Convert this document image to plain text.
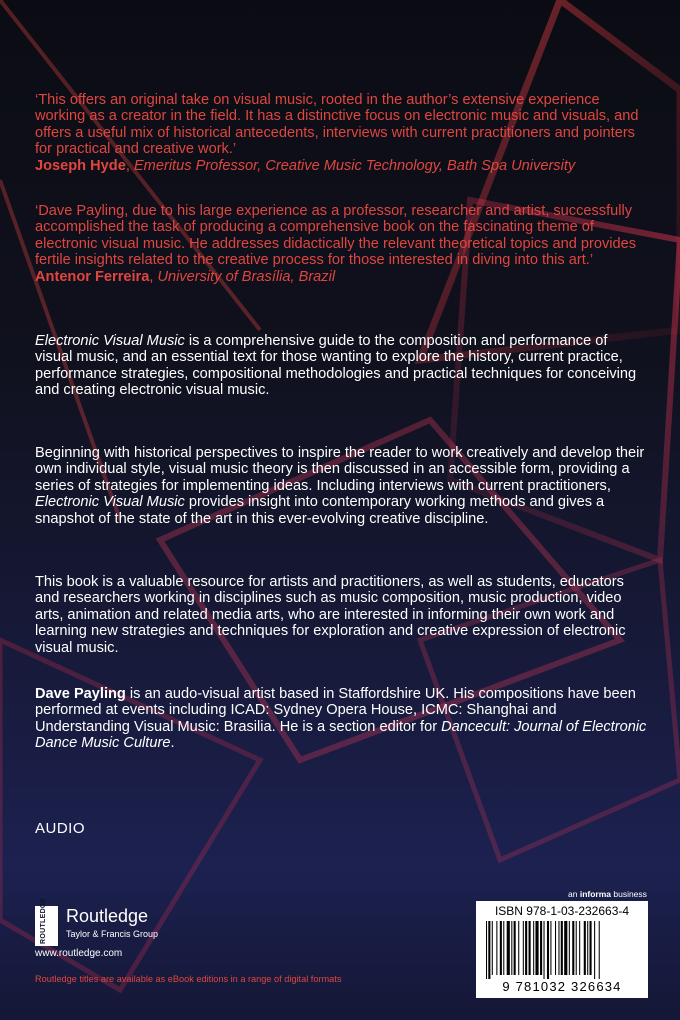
‘This offers an original take on visual music, rooted in the author’s extensive experience working as a creator in the field. It has a distinctive focus on electronic music and visuals, and offers a useful mix of historical antecedents, interviews with current practitioners and pointers for practical and creative work.’

Joseph Hyde, Emeritus Professor, Creative Music Technology, Bath Spa University

‘Dave Payling, due to his large experience as a professor, researcher and artist, successfully accomplished the task of producing a comprehensive book on the fascinating theme of electronic visual music. He addresses didactically the relevant theoretical topics and provides fertile insights related to the creative process for those interested in diving into this art.’

Antenor Ferreira, University of Brasília, Brazil

Electronic Visual Music is a comprehensive guide to the composition and performance of visual music, and an essential text for those wanting to explore the history, current practice, performance strategies, compositional methodologies and practical techniques for conceiving and creating electronic visual music.

Beginning with historical perspectives to inspire the reader to work creatively and develop their own individual style, visual music theory is then discussed in an accessible form, providing a series of strategies for implementing ideas. Including interviews with current practitioners, Electronic Visual Music provides insight into contemporary working methods and gives a snapshot of the state of the art in this ever-evolving creative discipline.

This book is a valuable resource for artists and practitioners, as well as students, educators and researchers working in disciplines such as music composition, music production, video arts, animation and related media arts, who are interested in informing their own work and learning new strategies and techniques for exploration and creative expression of electronic visual music.

Dave Payling is an audo-visual artist based in Staffordshire UK. His compositions have been performed at events including ICAD: Sydney Opera House, ICMC: Shanghai and Understanding Visual Music: Brasilia. He is a section editor for Dancecult: Journal of Electronic Dance Music Culture.

AUDIO
ROUTLEDGE	Routledge
Taylor & Francis Group
www.routledge.com
Routledge titles are available as eBook editions in a range of digital formats
an informa business
ISBN 978-1-03-232663-4
9 781032 326634
